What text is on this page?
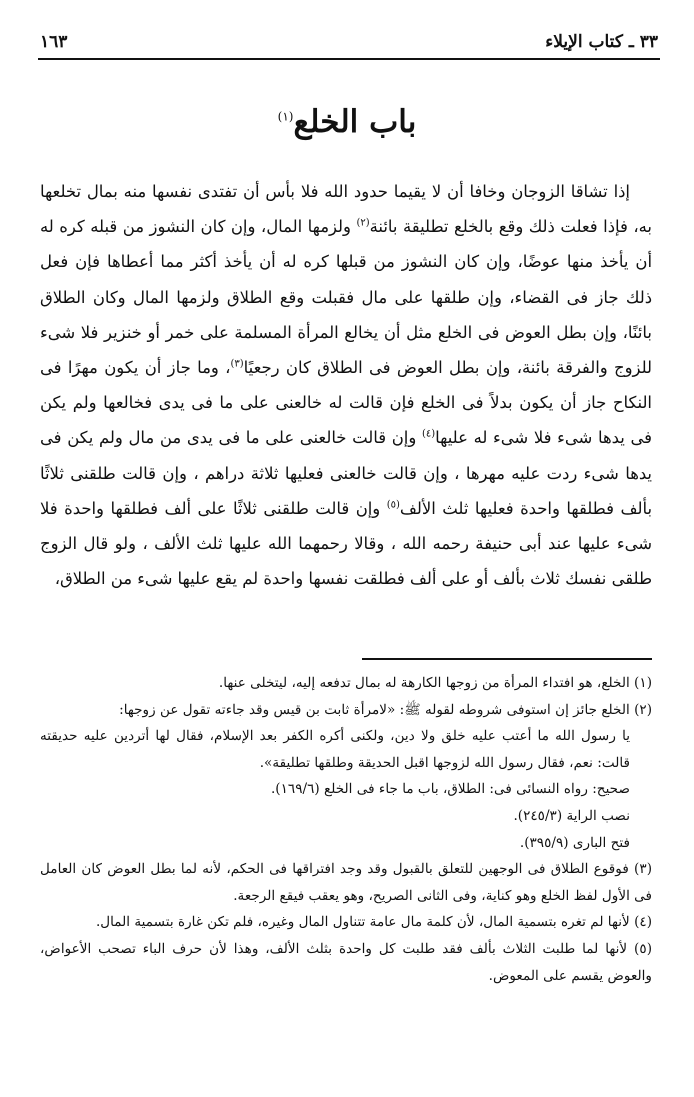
٣٣ ـ كتاب الإيلاء
١٦٣
باب الخلع$^{(١)}$

إذا تشاقا الزوجان وخافا أن لا يقيما حدود الله فلا بأس أن تفتدى نفسها منه بمال تخلعها به، فإذا فعلت ذلك وقع بالخلع تطليقة بائنة$^{(٢)}$ ولزمها المال، وإن كان النشوز من قبله كره له أن يأخذ منها عوضًا، وإن كان النشوز من قبلها كره له أن يأخذ أكثر مما أعطاها فإن فعل ذلك جاز فى القضاء، وإن طلقها على مال فقبلت وقع الطلاق ولزمها المال وكان الطلاق بائنًا، وإن بطل العوض فى الخلع مثل أن يخالع المرأة المسلمة على خمر أو خنزير فلا شىء للزوج والفرقة بائنة، وإن بطل العوض فى الطلاق كان رجعيًا$^{(٣)}$، وما جاز أن يكون مهرًا فى النكاح جاز أن يكون بدلاً فى الخلع فإن قالت له خالعنى على ما فى يدى فخالعها ولم يكن فى يدها شىء فلا شىء له عليها$^{(٤)}$ وإن قالت خالعنى على ما فى يدى من مال ولم يكن فى يدها شىء ردت عليه مهرها ، وإن قالت خالعنى فعليها ثلاثة دراهم ، وإن قالت طلقنى ثلاثًا بألف فطلقها واحدة فعليها ثلث الألف$^{(٥)}$ وإن قالت طلقنى ثلاثًا على ألف فطلقها واحدة فلا شىء عليها عند أبى حنيفة رحمه الله ، وقالا رحمهما الله عليها ثلث الألف ، ولو قال الزوج طلقى نفسك ثلاث بألف أو على ألف فطلقت نفسها واحدة لم يقع عليها شىء من الطلاق،

(١) الخلع، هو افتداء المرأة من زوجها الكارهة له بمال تدفعه إليه، ليتخلى عنها.

(٢) الخلع جائز إن استوفى شروطه لقوله ﷺ: «لامرأة ثابت بن قيس وقد جاءته تقول عن زوجها:

يا رسول الله ما أعتب عليه خلق ولا دين، ولكنى أكره الكفر بعد الإسلام، فقال لها أتردين عليه حديقته قالت: نعم، فقال رسول الله لزوجها اقبل الحديقة وطلقها تطليقة».

صحيح: رواه النسائى فى: الطلاق، باب ما جاء فى الخلع (١٦٩/٦).

نصب الراية (٢٤٥/٣).

فتح البارى (٣٩٥/٩).

(٣) فوقوع الطلاق فى الوجهين للتعلق بالقبول وقد وجد افتراقها فى الحكم، لأنه لما بطل العوض كان العامل فى الأول لفظ الخلع وهو كناية، وفى الثانى الصريح، وهو يعقب فيقع الرجعة.

(٤) لأنها لم تغره بتسمية المال، لأن كلمة مال عامة تتناول المال وغيره، فلم تكن غارة بتسمية المال.

(٥) لأنها لما طلبت الثلاث بألف فقد طلبت كل واحدة بثلث الألف، وهذا لأن حرف الباء تصحب الأعواض، والعوض يقسم على المعوض.
